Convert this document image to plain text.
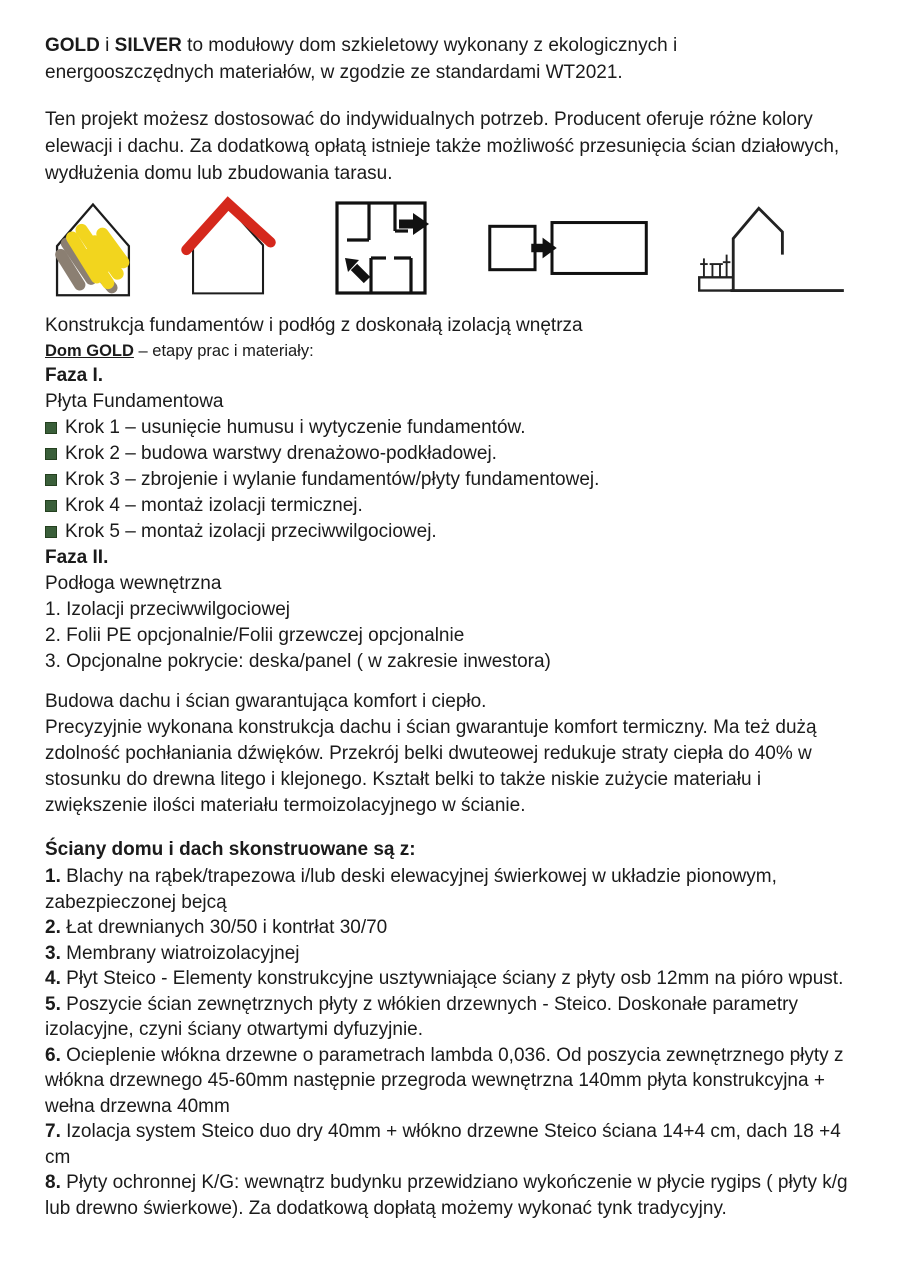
GOLD i SILVER to modułowy dom szkieletowy wykonany z ekologicznych i energooszczędnych materiałów, w zgodzie ze standardami WT2021.

Ten projekt możesz dostosować do indywidualnych potrzeb. Producent oferuje różne kolory elewacji i dachu. Za dodatkową opłatą istnieje także możliwość przesunięcia ścian działowych, wydłużenia domu lub zbudowania tarasu.

Konstrukcja fundamentów i podłóg z doskonałą izolacją wnętrza

Dom GOLD – etapy prac i materiały:

Faza I.

Płyta Fundamentowa

Krok 1 – usunięcie humusu i wytyczenie fundamentów.
Krok 2 – budowa warstwy drenażowo-podkładowej.
Krok 3 – zbrojenie i wylanie fundamentów/płyty fundamentowej.
Krok 4 – montaż izolacji termicznej.
Krok 5 – montaż izolacji przeciwwilgociowej.

Faza II.

Podłoga wewnętrzna

1. Izolacji przeciwwilgociowej

2. Folii PE opcjonalnie/Folii grzewczej opcjonalnie

3. Opcjonalne pokrycie: deska/panel ( w zakresie inwestora)

Budowa dachu i ścian gwarantująca komfort i ciepło.

Precyzyjnie wykonana konstrukcja dachu i ścian gwarantuje komfort termiczny. Ma też dużą zdolność pochłaniania dźwięków. Przekrój belki dwuteowej redukuje straty ciepła do 40% w stosunku do drewna litego i klejonego. Kształt belki to także niskie zużycie materiału i zwiększenie ilości materiału termoizolacyjnego w ścianie.

Ściany domu i dach skonstruowane są z:

1. Blachy na rąbek/trapezowa i/lub deski elewacyjnej świerkowej w układzie pionowym, zabezpieczonej bejcą
2. Łat drewnianych 30/50 i kontrłat 30/70
3. Membrany wiatroizolacyjnej
4. Płyt Steico - Elementy konstrukcyjne usztywniające ściany z płyty osb 12mm na pióro wpust.
5. Poszycie ścian zewnętrznych płyty z włókien drzewnych - Steico. Doskonałe parametry izolacyjne, czyni ściany otwartymi dyfuzyjnie.
6. Ocieplenie włókna drzewne o parametrach lambda 0,036. Od poszycia zewnętrznego płyty z włókna drzewnego 45-60mm następnie przegroda wewnętrzna 140mm płyta konstrukcyjna + wełna drzewna 40mm
7. Izolacja system Steico duo dry 40mm + włókno drzewne Steico ściana 14+4 cm, dach 18 +4 cm
8. Płyty ochronnej K/G: wewnątrz budynku przewidziano wykończenie w płycie rygips ( płyty k/g lub drewno świerkowe). Za dodatkową dopłatą możemy wykonać tynk tradycyjny.
